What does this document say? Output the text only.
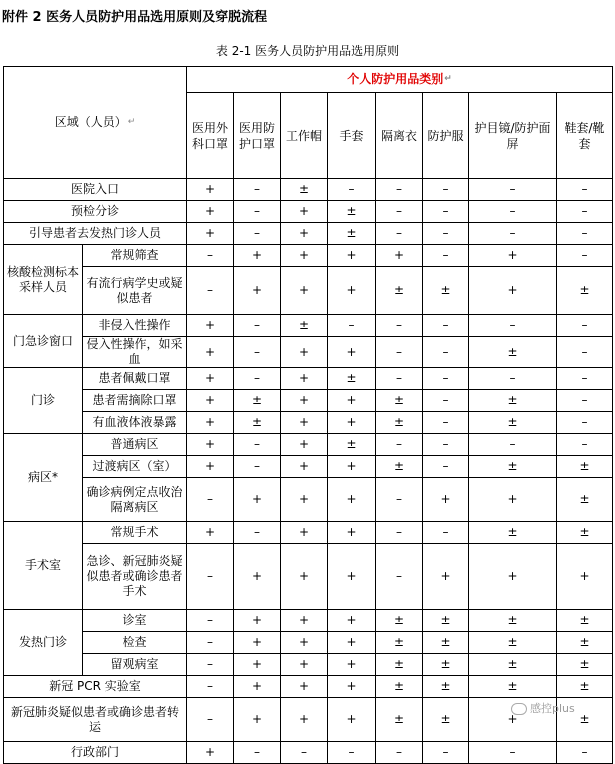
附件 2 医务人员防护用品选用原则及穿脱流程
表 2-1 医务人员防护用品选用原则
区域（人员）↵		个人防护用品类别↵							
		医用外科口罩	医用防护口罩	工作帽	手套	隔离衣	防护服	护目镜/防护面屏	鞋套/靴套
医院入口		+	–	±	–	–	–	–	–
预检分诊		+	–	+	±	–	–	–	–
引导患者去发热门诊人员		+	–	+	±	–	–	–	–
核酸检测标本采样人员	常规筛查	–	+	+	+	+	–	+	–
	有流行病学史或疑似患者	–	+	+	+	±	±	+	±
门急诊窗口	非侵入性操作	+	–	±	–	–	–	–	–
	侵入性操作，如采血	+	–	+	+	–	–	±	–
门诊	患者佩戴口罩	+	–	+	±	–	–	–	–
	患者需摘除口罩	+	±	+	+	±	–	±	–
	有血液体液暴露	+	±	+	+	±	–	±	–
病区*	普通病区	+	–	+	±	–	–	–	–
	过渡病区（室）	+	–	+	+	±	–	±	±
	确诊病例定点收治隔离病区	–	+	+	+	–	+	+	±
手术室	常规手术	+	–	+	+	–	–	±	±
	急诊、新冠肺炎疑似患者或确诊患者手术	–	+	+	+	–	+	+	+
发热门诊	诊室	–	+	+	+	±	±	±	±
	检查	–	+	+	+	±	±	±	±
	留观病室	–	+	+	+	±	±	±	±
新冠 PCR 实验室		–	+	+	+	±	±	±	±
新冠肺炎疑似患者或确诊患者转运		–	+	+	+	±	±	+	±
行政部门		+	–	–	–	–	–	–	–
感控plus
